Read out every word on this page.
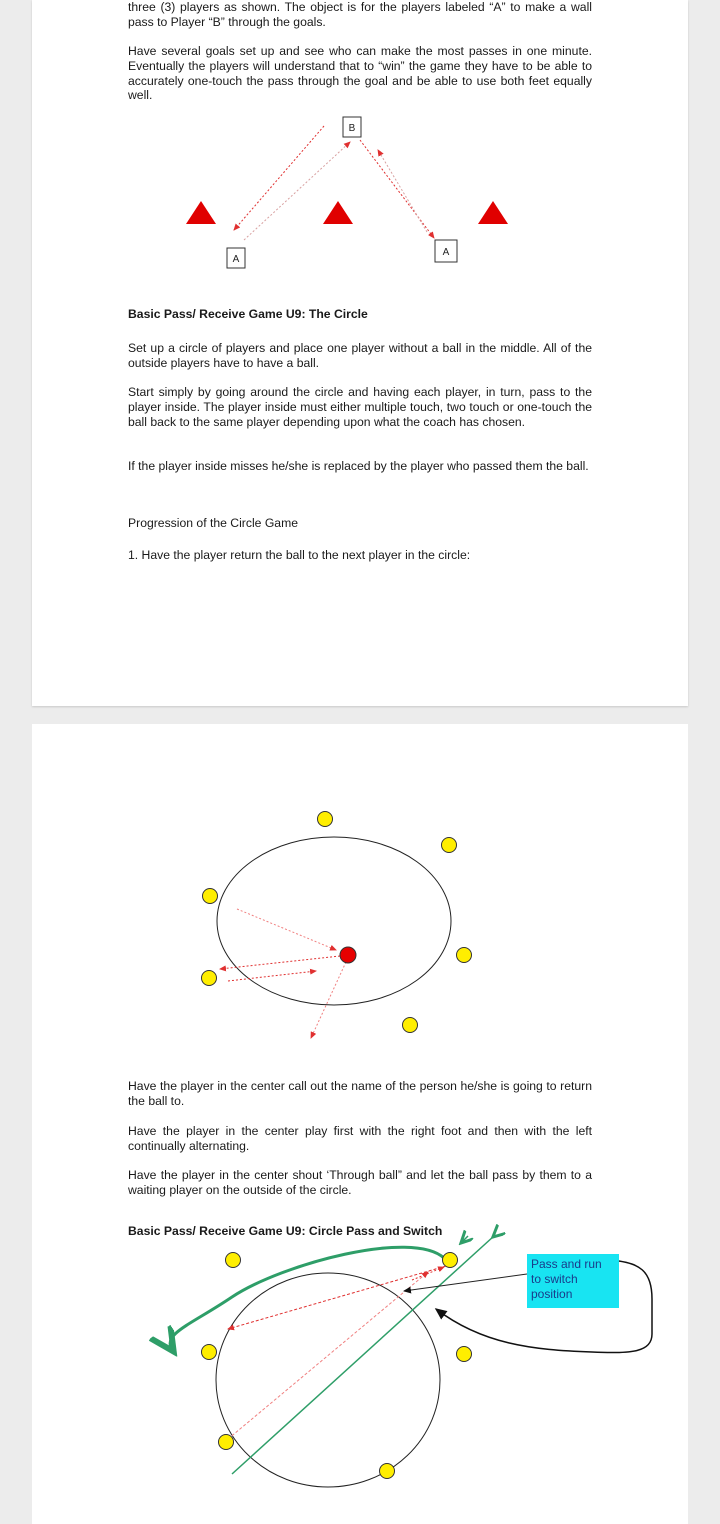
three (3) players as shown. The object is for the players labeled “A” to make a wall pass to Player “B” through the goals.

Have several goals set up and see who can make the most passes in one minute. Eventually the players will understand that to “win” the game they have to be able to accurately one-touch the pass through the goal and be able to use both feet equally well.

B
A
A

Basic Pass/ Receive Game U9: The Circle

Set up a circle of players and place one player without a ball in the middle. All of the outside players have to have a ball.

Start simply by going around the circle and having each player, in turn, pass to the player inside. The player inside must either multiple touch, two touch or one-touch the ball back to the same player depending upon what the coach has chosen.

If the player inside misses he/she is replaced by the player who passed them the ball.

Progression of the Circle Game

1. Have the player return the ball to the next player in the circle:

Have the player in the center call out the name of the person he/she is going to return the ball to.

Have the player in the center play first with the right foot and then with the left continually alternating.

Have the player in the center shout ‘Through ball” and let the ball pass by them to a waiting player on the outside of the circle.

Basic Pass/ Receive Game U9: Circle Pass and Switch

Pass and run to switch position
